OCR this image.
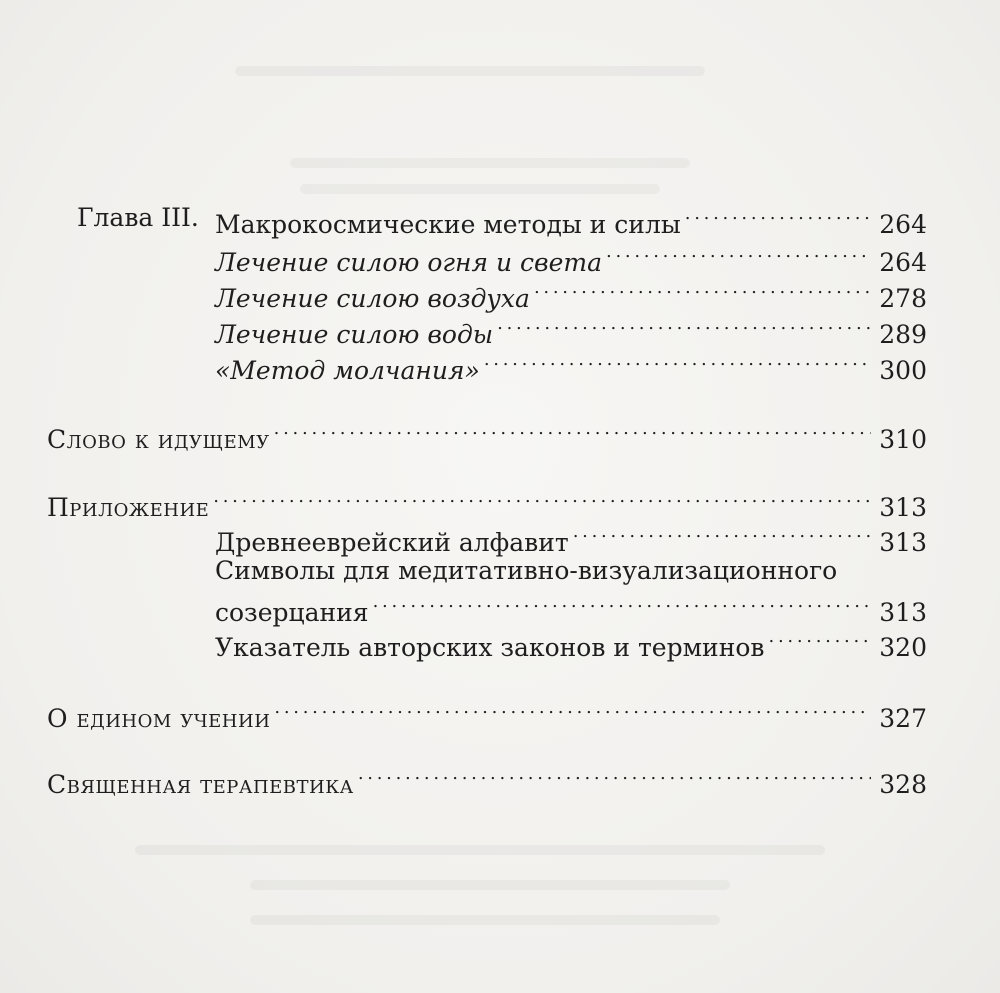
Глава III. Макрокосмические методы и силы . . .	264
Лечение силою огня и света . . .	264
Лечение силою воздуха . . .	278
Лечение силою воды . . .	289
«Метод молчания» . . .	300
Слово к идущему . . .	310
Приложение . . .	313
Древнееврейский алфавит . . .	313
Символы для медитативно-визуализационного
созерцания . . .	313
Указатель авторских законов и терминов . . .	320
О едином учении . . .	327
Священная терапевтика . . .	328
